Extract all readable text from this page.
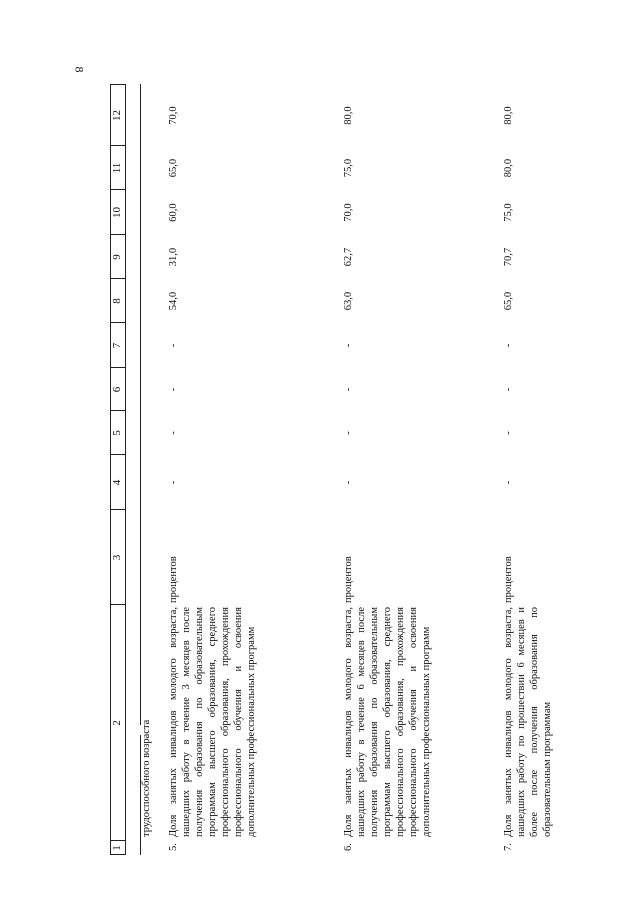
8
1
2
3
4
5
6
7
8
9
10
11
12
трудоспособного возраста
5.
Доля занятых инвалидов молодого возраста, нашедших работу в течение 3 месяцев после получения образования по образовательным программам высшего образования, среднего профессионального образования, прохождения профессионального обучения и освоения дополнительных профессиональных программ
процентов
-
-
-
-
54,0
31,0
60,0
65,0
70,0
6.
Доля занятых инвалидов молодого возраста, нашедших работу в течение 6 месяцев после получения образования по образовательным программам высшего образования, среднего профессионального образования, прохождения профессионального обучения и освоения дополнительных профессиональных программ
процентов
-
-
-
-
63,0
62,7
70,0
75,0
80,0
7.
Доля занятых инвалидов молодого возраста, нашедших работу по прошествии 6 месяцев и более после получения образования по образовательным программам
процентов
-
-
-
-
65,0
70,7
75,0
80,0
80,0
